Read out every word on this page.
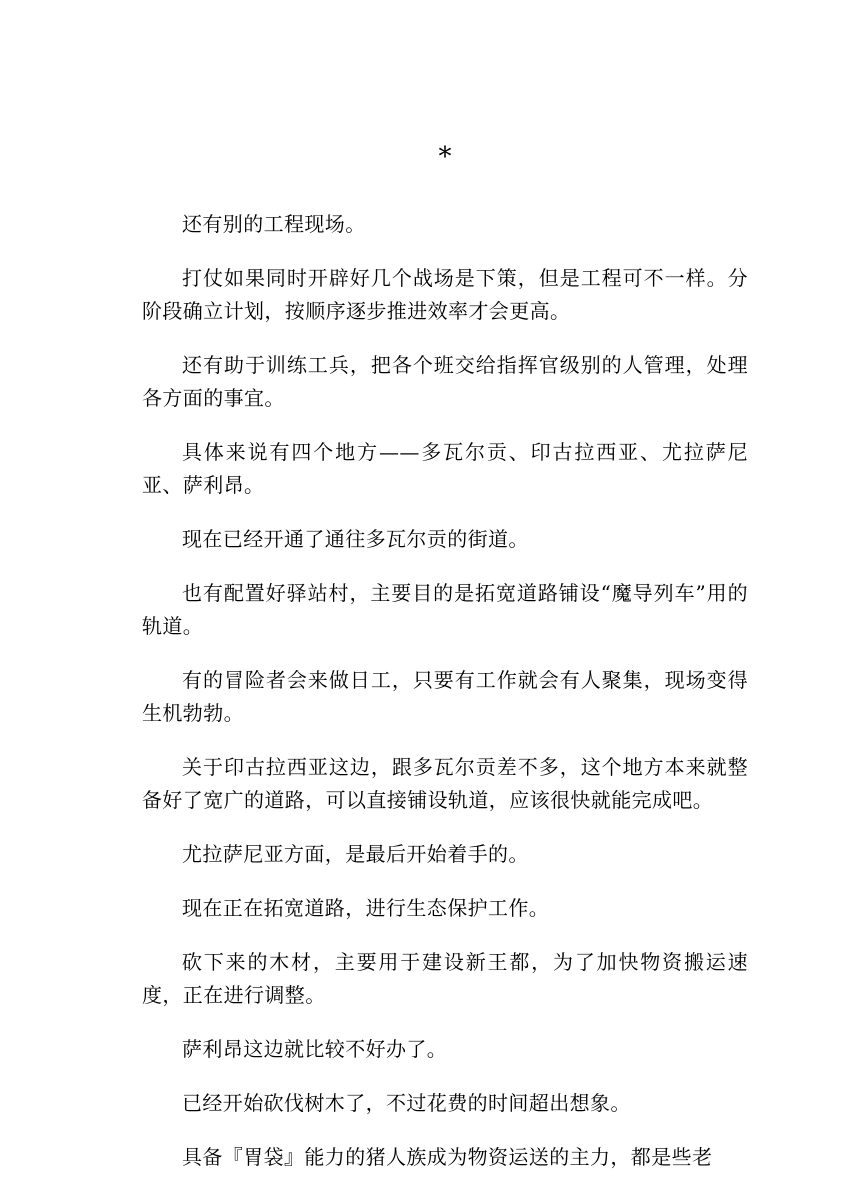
*

还有别的工程现场。

打仗如果同时开辟好几个战场是下策，但是工程可不一样。分阶段确立计划，按顺序逐步推进效率才会更高。

还有助于训练工兵，把各个班交给指挥官级别的人管理，处理各方面的事宜。

具体来说有四个地方——多瓦尔贡、印古拉西亚、尤拉萨尼亚、萨利昂。

现在已经开通了通往多瓦尔贡的街道。

也有配置好驿站村，主要目的是拓宽道路铺设“魔导列车”用的轨道。

有的冒险者会来做日工，只要有工作就会有人聚集，现场变得生机勃勃。

关于印古拉西亚这边，跟多瓦尔贡差不多，这个地方本来就整备好了宽广的道路，可以直接铺设轨道，应该很快就能完成吧。

尤拉萨尼亚方面，是最后开始着手的。

现在正在拓宽道路，进行生态保护工作。

砍下来的木材，主要用于建设新王都，为了加快物资搬运速度，正在进行调整。

萨利昂这边就比较不好办了。

已经开始砍伐树木了，不过花费的时间超出想象。

具备『胃袋』能力的猪人族成为物资运送的主力，都是些老
